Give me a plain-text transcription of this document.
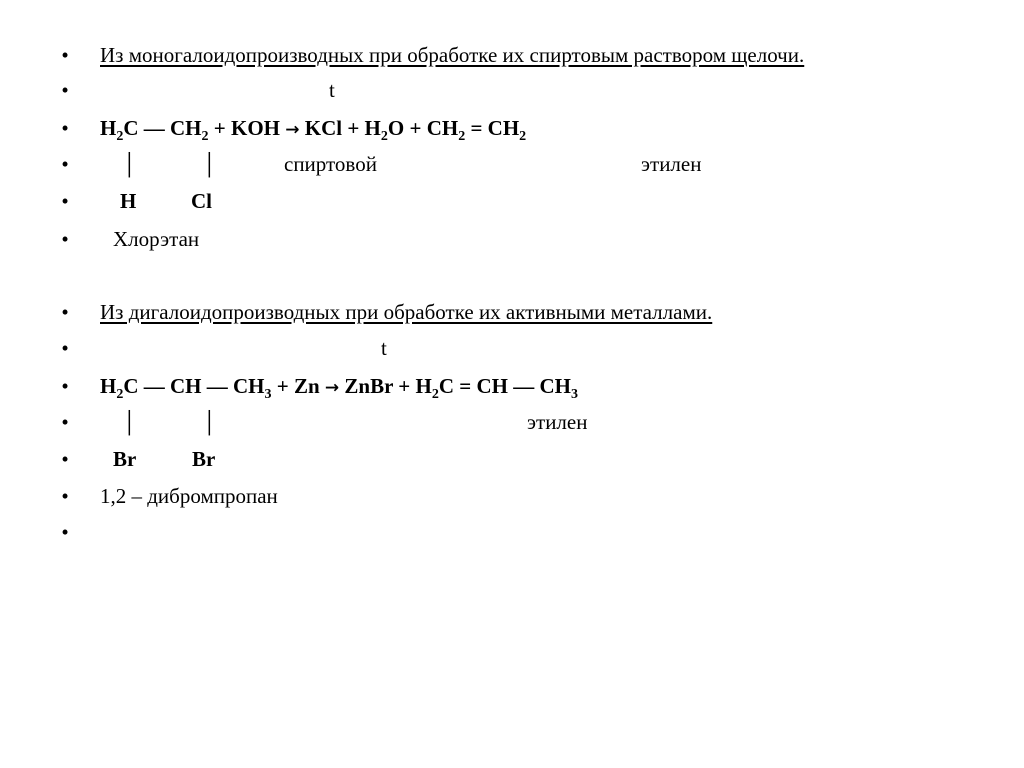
• Из моногалоидопроизводных при обработке их спиртовым раствором щелочи.
•	t
• $H_2C$ — $CH_2$ + KOH → KCl + $H_2O + CH_2 = CH_2$
•	│	│	спиртовой	этилен
• H	Cl
• Хлорэтан
• Из дигалоидопроизводных при обработке их активными металлами.
•	t
• $H_2C$ — CH — $CH_3 + Zn$ → ZnBr + $H_2C$ = CH — $CH_3$
•	│	│	этилен
• Br	Br
• 1,2 – дибромпропан
•
